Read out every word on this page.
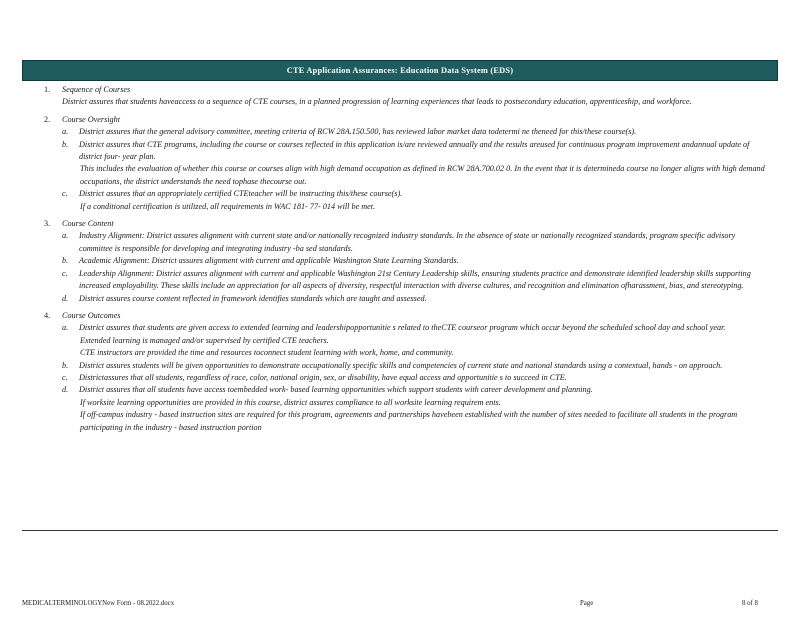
CTE Application Assurances: Education Data System (EDS)
1. Sequence of Courses
District assures that students haveaccess to a sequence of CTE courses, in a planned progression of learning experiences that leads to postsecondary education, apprenticeship, and workforce.
2. Course Oversight
a. District assures that the general advisory committee, meeting criteria of RCW 28A.150.500, has reviewed labor market data todetermi ne theneed for this/these course(s).
b. District assures that CTE programs, including the course or courses reflected in this application is/are reviewed annually and the results areused for continuous program improvement andannual update of district four- year plan.
This includes the evaluation of whether this course or courses align with high demand occupation as defined in RCW 28A.700.02 0. In the event that it is determineda course no longer aligns with high demand occupations, the district understands the need tophase thecourse out.
c. District assures that an appropriately certified CTEteacher will be instructing this/these course(s).
If a conditional certification is utilized, all requirements in WAC 181- 77- 014 will be met.
3. Course Content
a. Industry Alignment: District assures alignment with current state and/or nationally recognized industry standards. In the absence of state or nationally recognized standards, program specific advisory committee is responsible for developing and integrating industry -ba sed standards.
b. Academic Alignment: District assures alignment with current and applicable Washington State Learning Standards.
c. Leadership Alignment: District assures alignment with current and applicable Washington 21st Century Leadership skills, ensuring students practice and demonstrate identified leadership skills supporting increased employability. These skills include an appreciation for all aspects of diversity, respectful interaction with diverse cultures, and recognition and elimination ofharassment, bias, and stereotyping.
d. District assures course content reflected in framework identifies standards which are taught and assessed.
4. Course Outcomes
a. District assures that students are given access to extended learning and leadershipopportunitie s related to theCTE courseor program which occur beyond the scheduled school day and school year.
Extended learning is managed and/or supervised by certified CTE teachers.
CTE instructors are provided the time and resources toconnect student learning with work, home, and community.
b. District assures students will be given opportunities to demonstrate occupationally specific skills and competencies of current state and national standards using a contextual, hands - on approach.
c. Districtassures that all students, regardless of race, color, national origin, sex, or disability, have equal access and opportunitie s to succeed in CTE.
d. District assures that all students have access toembedded work- based learning opportunities which support students with career development and planning.
If worksite learning opportunities are provided in this course, district assures compliance to all worksite learning requirem ents.
If off-campus industry - based instruction sites are required for this program, agreements and partnerships havebeen established with the number of sites needed to facilitate all students in the program participating in the industry - based instruction portion
MEDICALTERMINOLOGYNew Form - 08.2022.docx	Page	8 of 8
